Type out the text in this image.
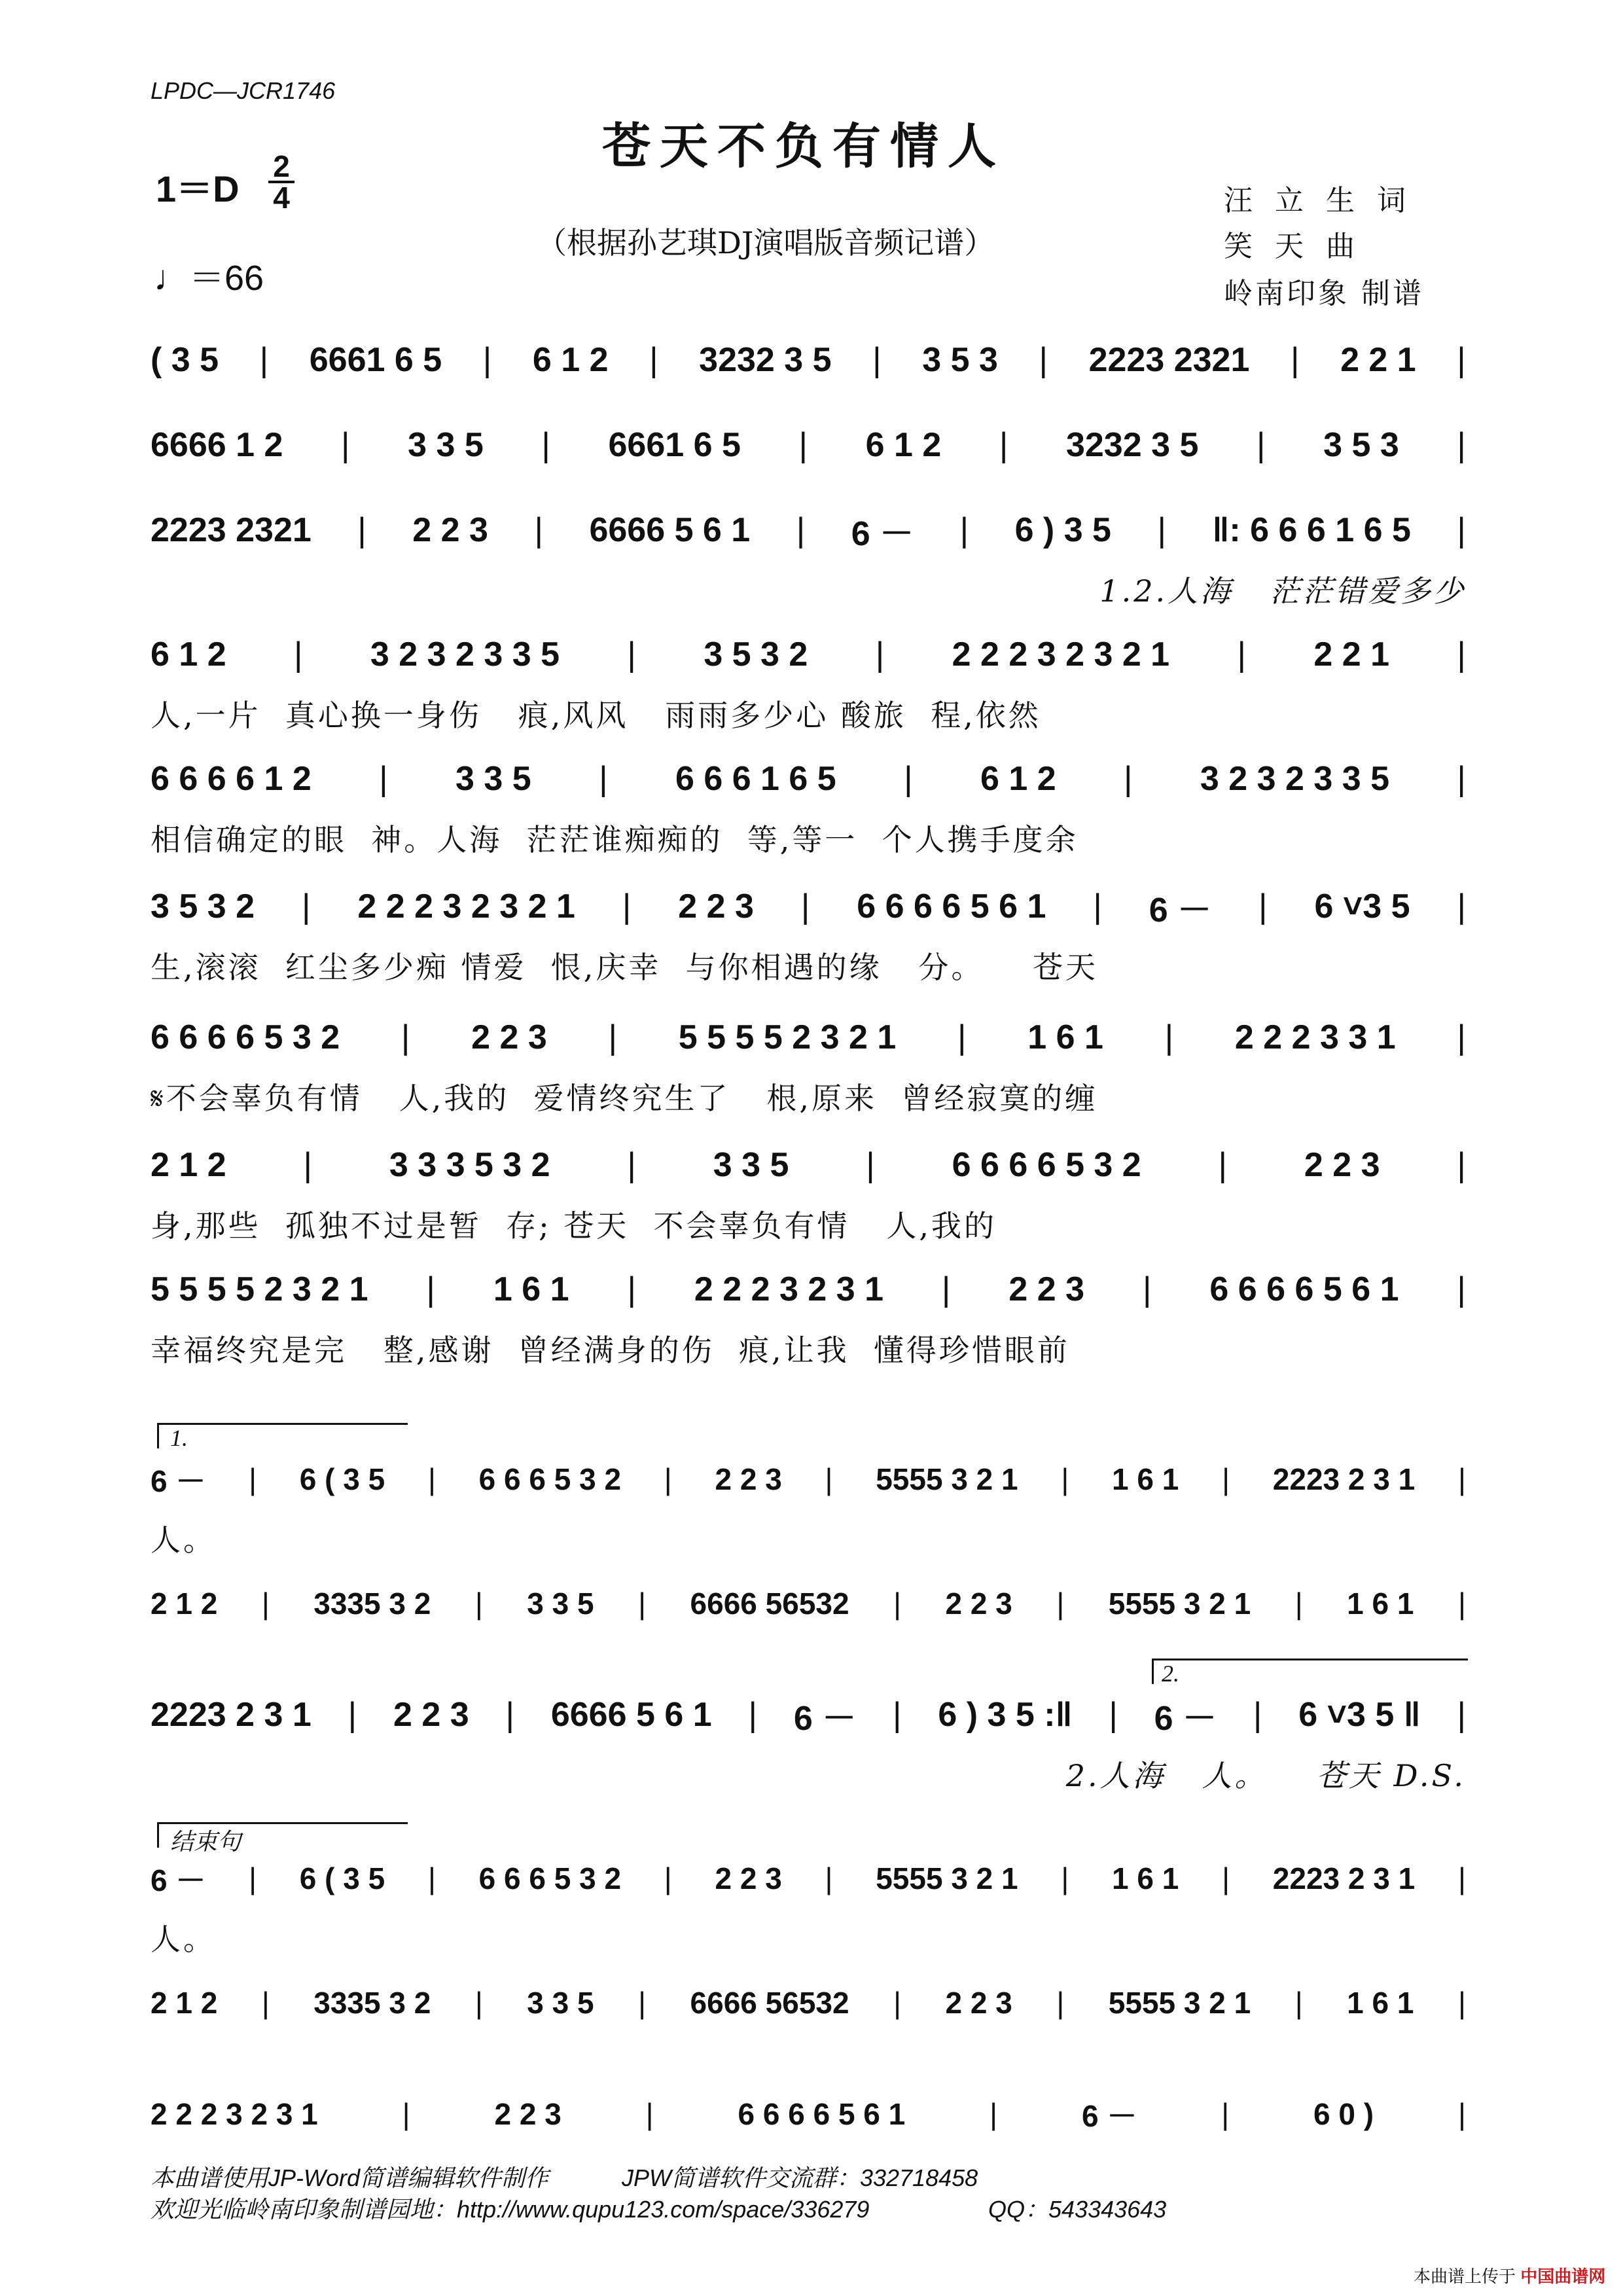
LPDC—JCR1746
苍天不负有情人
$1=D \frac{2}{4}$
（根据孙艺琪DJ演唱版音频记谱）
♩＝66
汪 立 生 词
笑 天 曲
岭南印象 制谱
( 3 5 | 6661 6 5 | 6 1 2 | 3232 3 5 | 3 5 3 | 2223 2321 | 2 2 1 |
6666 1 2 | 3 3 5 | 6661 6 5 | 6 1 2 | 3232 3 5 | 3 5 3 |
2223 2321 | 2 2 3 | 6666 5 6 1 | 6 － | 6 ) 3 5 | ‖: 6 6 6 1 6 5 |
1.2.人海   茫茫错爱多少
6 1 2 | 3 2 3 2 3 3 5 | 3 5 3 2 | 2 2 2 3 2 3 2 1 | 2 2 1 |
人,一片  真心换一身伤   痕,风风   雨雨多少心 酸旅  程,依然
6 6 6 6 1 2 | 3 3 5 | 6 6 6 1 6 5 | 6 1 2 | 3 2 3 2 3 3 5 |
相信确定的眼  神。人海  茫茫谁痴痴的  等,等一  个人携手度余
3 5 3 2 | 2 2 2 3 2 3 2 1 | 2 2 3 | 6 6 6 6 5 6 1 | 6 － | 6 ˅3 5 |
生,滚滚  红尘多少痴 情爱  恨,庆幸  与你相遇的缘   分。    苍天
6 6 6 6 5 3 2 | 2 2 3 | 5 5 5 5 2 3 2 1 | 1 6 1 | 2 2 2 3 3 1 |
𝄋不会辜负有情   人,我的  爱情终究生了   根,原来  曾经寂寞的缠
2 1 2 | 3 3 3 5 3 2 | 3 3 5 | 6 6 6 6 5 3 2 | 2 2 3 |
身,那些  孤独不过是暂  存; 苍天  不会辜负有情   人,我的
5 5 5 5 2 3 2 1 | 1 6 1 | 2 2 2 3 2 3 1 | 2 2 3 | 6 6 6 6 5 6 1 |
幸福终究是完   整,感谢  曾经满身的伤  痕,让我  懂得珍惜眼前
1.
6 － | 6 ( 3 5 | 6 6 6 5 3 2 | 2 2 3 | 5555 3 2 1 | 1 6 1 | 2223 2 3 1 |
人。
2 1 2 | 3335 3 2 | 3 3 5 | 6666 56532 | 2 2 3 | 5555 3 2 1 | 1 6 1 |
2.
2223 2 3 1 | 2 2 3 | 6666 5 6 1 | 6 － | 6 ) 3 5 :‖ | 6 － | 6 ˅3 5 ‖ |
2.人海   人。    苍天 D.S.
结束句
6 － | 6 ( 3 5 | 6 6 6 5 3 2 | 2 2 3 | 5555 3 2 1 | 1 6 1 | 2223 2 3 1 |
人。
2 1 2 | 3335 3 2 | 3 3 5 | 6666 56532 | 2 2 3 | 5555 3 2 1 | 1 6 1 |
2 2 2 3 2 3 1	|	2 2 3	|	6 6 6 6 5 6 1	|	6 －	|	6 0 )	|
本曲谱使用JP-Word简谱编辑软件制作	JPW简谱软件交流群：332718458
欢迎光临岭南印象制谱园地：http://www.qupu123.com/space/336279	QQ：543343643
本曲谱上传于 中国曲谱网
